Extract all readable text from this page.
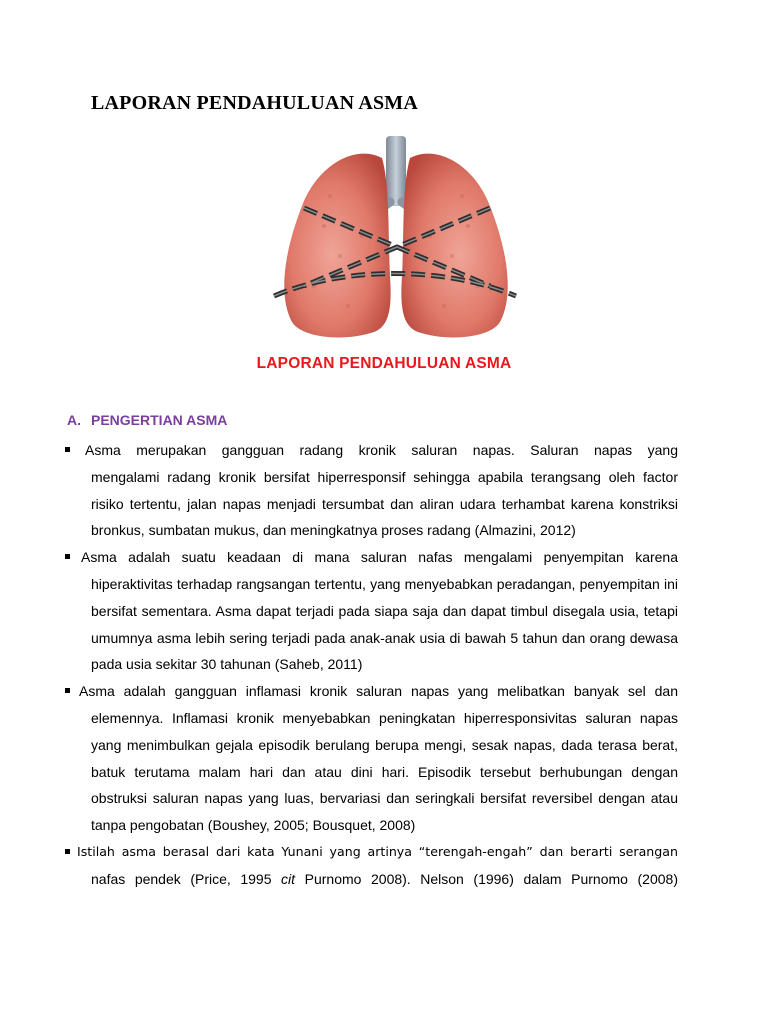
LAPORAN PENDAHULUAN ASMA
LAPORAN PENDAHULUAN ASMA
A. PENGERTIAN ASMA
Asma merupakan gangguan radang kronik saluran napas. Saluran napas yang
mengalami radang kronik bersifat hiperresponsif sehingga apabila terangsang oleh factor risiko tertentu, jalan napas menjadi tersumbat dan aliran udara terhambat karena konstriksi bronkus, sumbatan mukus, dan meningkatnya proses radang (Almazini, 2012)
Asma adalah suatu keadaan di mana saluran nafas mengalami penyempitan karena
hiperaktivitas terhadap rangsangan tertentu, yang menyebabkan peradangan, penyempitan ini bersifat sementara. Asma dapat terjadi pada siapa saja dan dapat timbul disegala usia, tetapi umumnya asma lebih sering terjadi pada anak-anak usia di bawah 5 tahun dan orang dewasa pada usia sekitar 30 tahunan (Saheb, 2011)
Asma adalah gangguan inflamasi kronik saluran napas yang melibatkan banyak sel dan
elemennya. Inflamasi kronik menyebabkan peningkatan hiperresponsivitas saluran napas yang menimbulkan gejala episodik berulang berupa mengi, sesak napas, dada terasa berat, batuk terutama malam hari dan atau dini hari. Episodik tersebut berhubungan dengan obstruksi saluran napas yang luas, bervariasi dan seringkali bersifat reversibel dengan atau tanpa pengobatan (Boushey, 2005; Bousquet, 2008)
Istilah asma berasal dari kata Yunani yang artinya “terengah-engah” dan berarti serangan
nafas pendek (Price, 1995 cit Purnomo 2008). Nelson (1996) dalam Purnomo (2008)
